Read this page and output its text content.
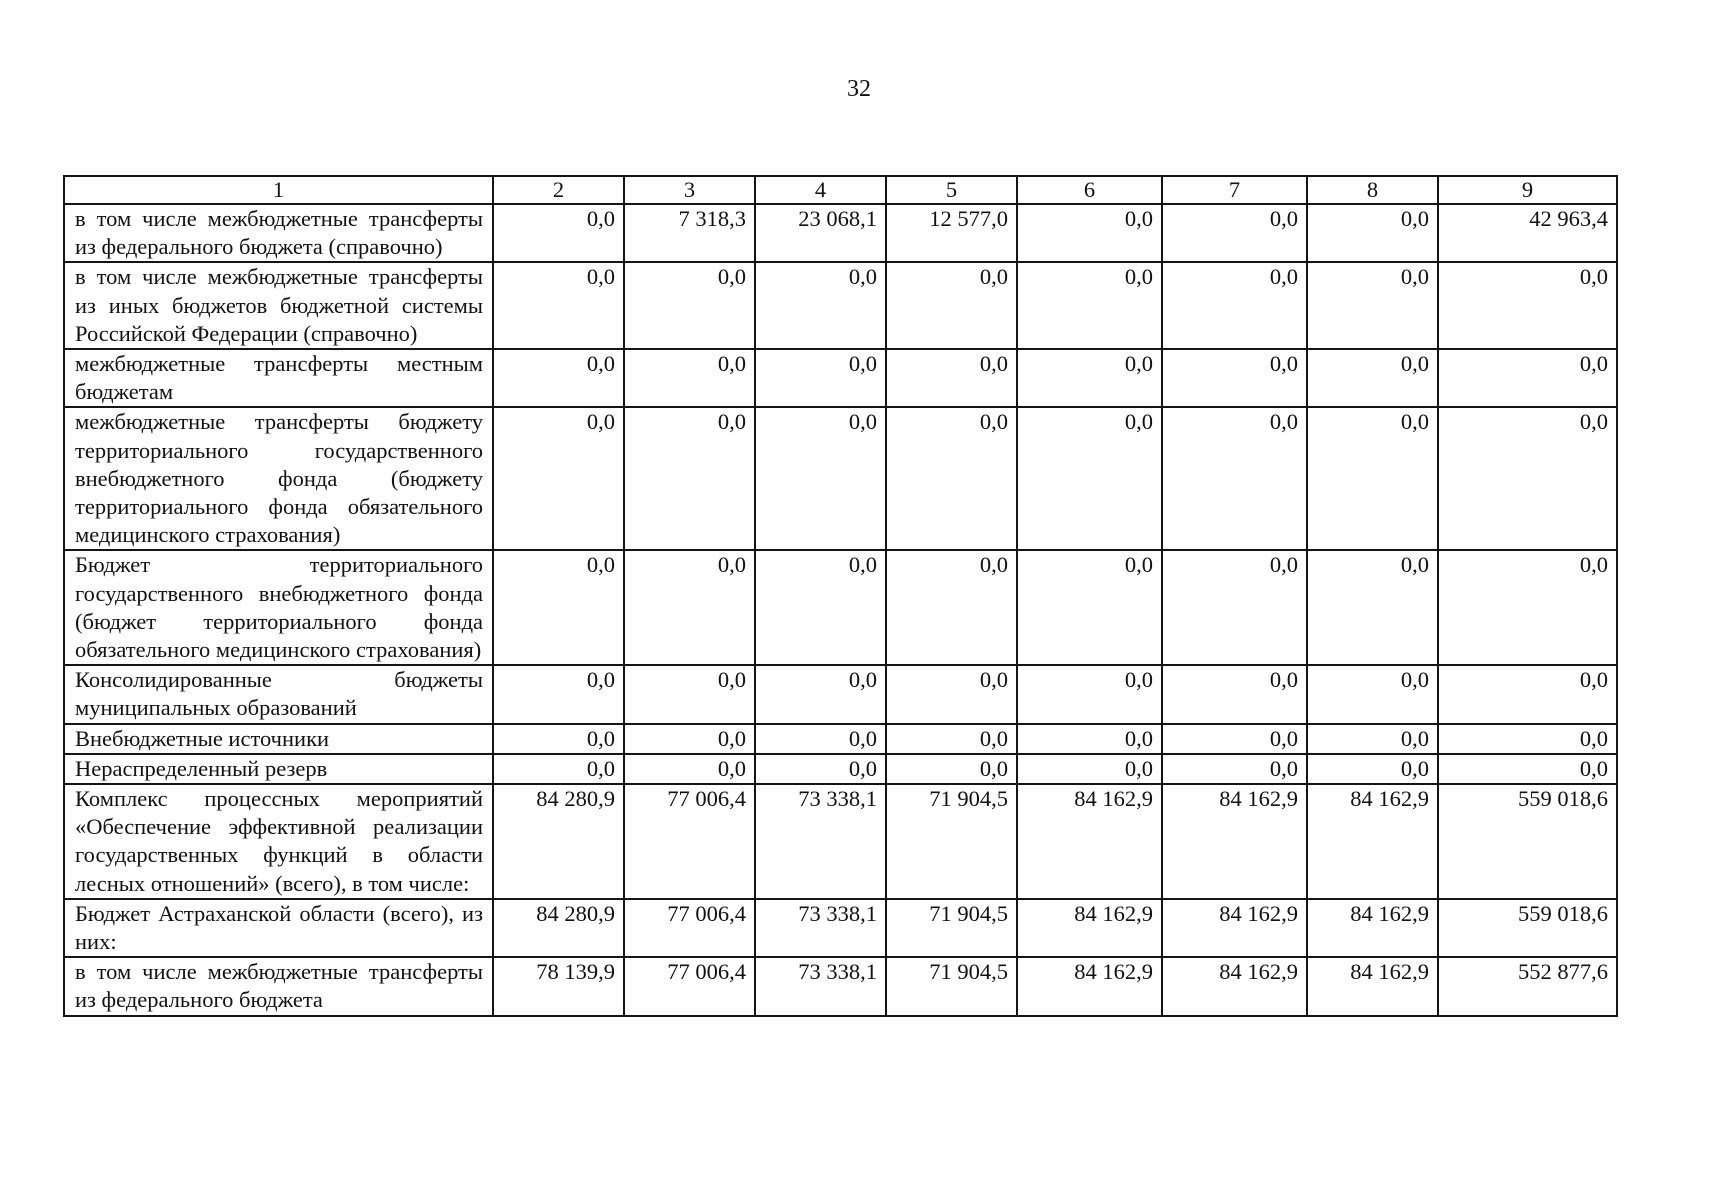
32
1	2	3	4	5	6	7	8	9
в том числе межбюджетные трансферты из федерального бюджета (справочно)	0,0	7 318,3	23 068,1	12 577,0	0,0	0,0	0,0	42 963,4
в том числе межбюджетные трансферты из иных бюджетов бюджетной системы Российской Федерации (справочно)	0,0	0,0	0,0	0,0	0,0	0,0	0,0	0,0
межбюджетные трансферты местным бюджетам	0,0	0,0	0,0	0,0	0,0	0,0	0,0	0,0
межбюджетные трансферты бюджету территориального государственного внебюджетного фонда (бюджету территориального фонда обязательного медицинского страхования)	0,0	0,0	0,0	0,0	0,0	0,0	0,0	0,0
Бюджет территориального государственного внебюджетного фонда (бюджет территориального фонда обязательного медицинского страхования)	0,0	0,0	0,0	0,0	0,0	0,0	0,0	0,0
Консолидированные бюджеты муниципальных образований	0,0	0,0	0,0	0,0	0,0	0,0	0,0	0,0
Внебюджетные источники	0,0	0,0	0,0	0,0	0,0	0,0	0,0	0,0
Нераспределенный резерв	0,0	0,0	0,0	0,0	0,0	0,0	0,0	0,0
Комплекс процессных мероприятий «Обеспечение эффективной реализации государственных функций в области лесных отношений» (всего), в том числе:	84 280,9	77 006,4	73 338,1	71 904,5	84 162,9	84 162,9	84 162,9	559 018,6
Бюджет Астраханской области (всего), из них:	84 280,9	77 006,4	73 338,1	71 904,5	84 162,9	84 162,9	84 162,9	559 018,6
в том числе межбюджетные трансферты из федерального бюджета	78 139,9	77 006,4	73 338,1	71 904,5	84 162,9	84 162,9	84 162,9	552 877,6
